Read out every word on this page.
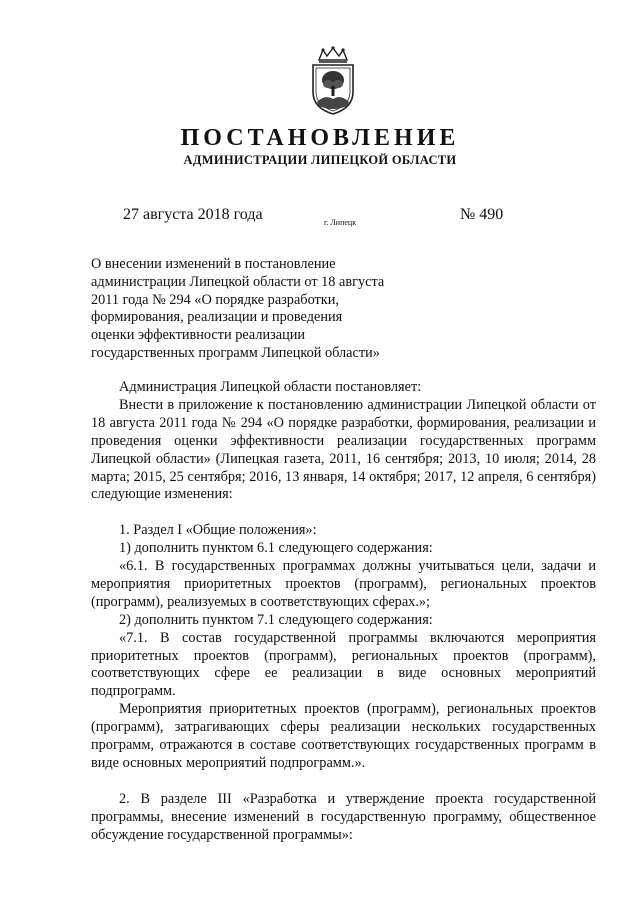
ПОСТАНОВЛЕНИЕ
АДМИНИСТРАЦИИ ЛИПЕЦКОЙ ОБЛАСТИ
27 августа 2018 года	г. Липецк	№ 490
О внесении изменений в постановление
администрации Липецкой области от 18 августа
2011 года № 294 «О порядке разработки,
формирования, реализации и проведения
оценки эффективности реализации
государственных программ Липецкой области»

Администрация Липецкой области постановляет:

Внести в приложение к постановлению администрации Липецкой области от 18 августа 2011 года № 294 «О порядке разработки, формирования, реализации и проведения оценки эффективности реализации государственных программ Липецкой области» (Липецкая газета, 2011, 16 сентября; 2013, 10 июля; 2014, 28 марта; 2015, 25 сентября; 2016, 13 января, 14 октября; 2017, 12 апреля, 6 сентября) следующие изменения:

1. Раздел I «Общие положения»:

1) дополнить пунктом 6.1 следующего содержания:

«6.1. В государственных программах должны учитываться цели, задачи и мероприятия приоритетных проектов (программ), региональных проектов (программ), реализуемых в соответствующих сферах.»;

2) дополнить пунктом 7.1 следующего содержания:

«7.1. В состав государственной программы включаются мероприятия приоритетных проектов (программ), региональных проектов (программ), соответствующих сфере ее реализации в виде основных мероприятий подпрограмм.

Мероприятия приоритетных проектов (программ), региональных проектов (программ), затрагивающих сферы реализации нескольких государственных программ, отражаются в составе соответствующих государственных программ в виде основных мероприятий подпрограмм.».

2. В разделе III «Разработка и утверждение проекта государственной программы, внесение изменений в государственную программу, общественное обсуждение государственной программы»:
